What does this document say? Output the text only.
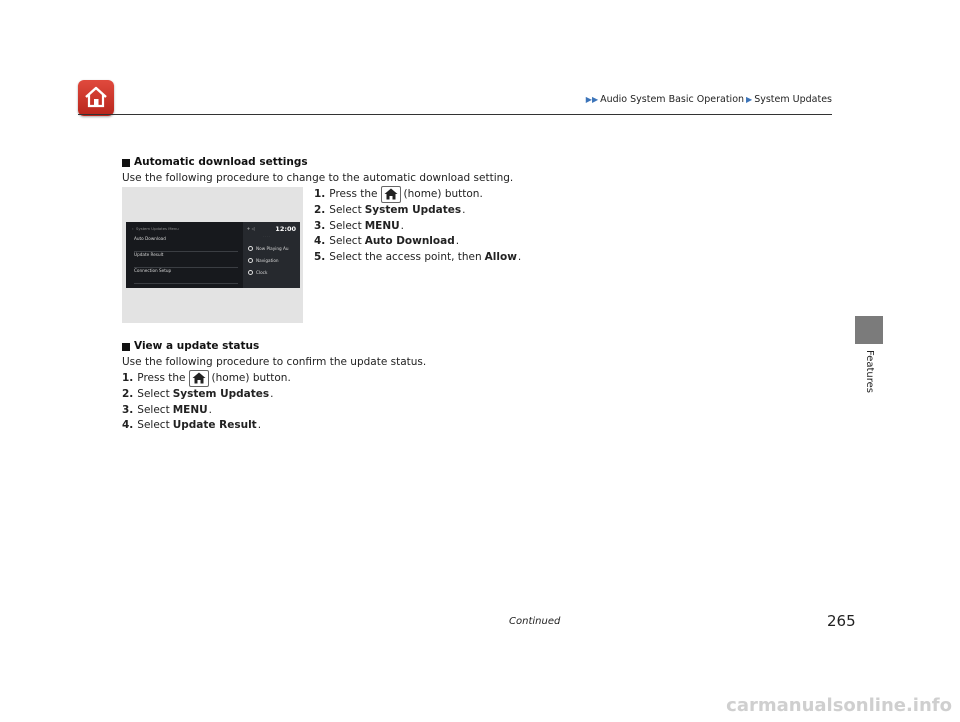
▶▶ Audio System Basic Operation ▶ System Updates
Features
Automatic download settings
Use the following procedure to change to the automatic download setting.
1. Press the (home) button.
2. Select System Updates .
3. Select MENU .
4. Select Auto Download .
5. Select the access point, then Allow .
‹  System Updates Menu
Auto Download
Update Result
Connection Setup
✈ ◁	12:00
· · · ·
Now Playing Au
Navigation
Clock
View a update status
Use the following procedure to confirm the update status.
1. Press the (home) button.
2. Select System Updates .
3. Select MENU .
4. Select Update Result .
Continued	265
carmanualsonline.info
